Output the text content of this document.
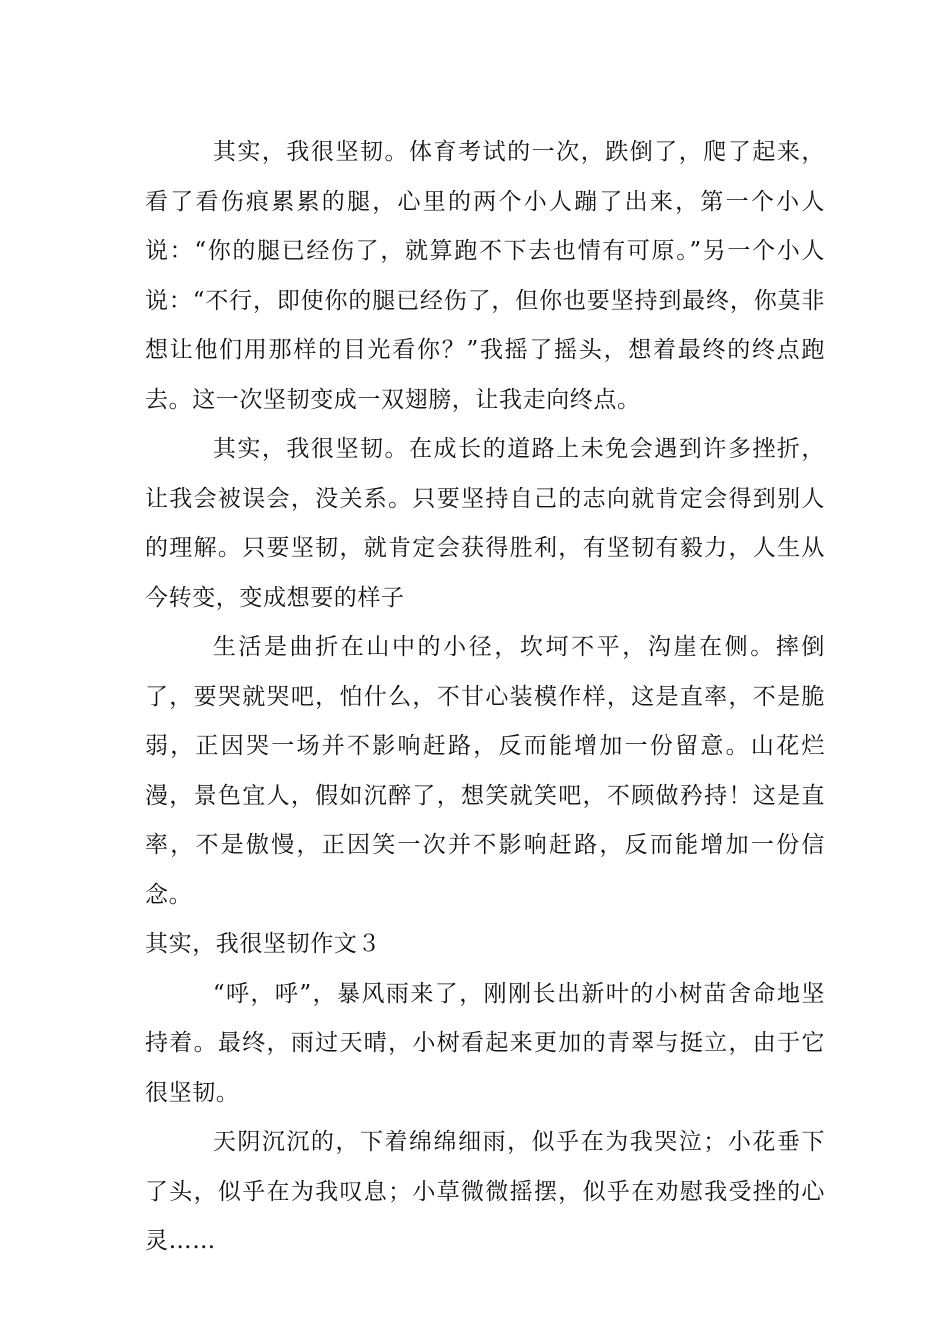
其实，我很坚韧。体育考试的一次，跌倒了，爬了起来，看了看伤痕累累的腿，心里的两个小人蹦了出来，第一个小人说：“你的腿已经伤了，就算跑不下去也情有可原。”另一个小人说：“不行，即使你的腿已经伤了，但你也要坚持到最终，你莫非想让他们用那样的目光看你？”我摇了摇头，想着最终的终点跑去。这一次坚韧变成一双翅膀，让我走向终点。

其实，我很坚韧。在成长的道路上未免会遇到许多挫折，让我会被误会，没关系。只要坚持自己的志向就肯定会得到别人的理解。只要坚韧，就肯定会获得胜利，有坚韧有毅力，人生从今转变，变成想要的样子

生活是曲折在山中的小径，坎坷不平，沟崖在侧。摔倒了，要哭就哭吧，怕什么，不甘心装模作样，这是直率，不是脆弱，正因哭一场并不影响赶路，反而能增加一份留意。山花烂漫，景色宜人，假如沉醉了，想笑就笑吧，不顾做矜持！这是直率，不是傲慢，正因笑一次并不影响赶路，反而能增加一份信念。

其实，我很坚韧作文３

“呼，呼”，暴风雨来了，刚刚长出新叶的小树苗舍命地坚持着。最终，雨过天晴，小树看起来更加的青翠与挺立，由于它很坚韧。

天阴沉沉的，下着绵绵细雨，似乎在为我哭泣；小花垂下了头，似乎在为我叹息；小草微微摇摆，似乎在劝慰我受挫的心灵……
